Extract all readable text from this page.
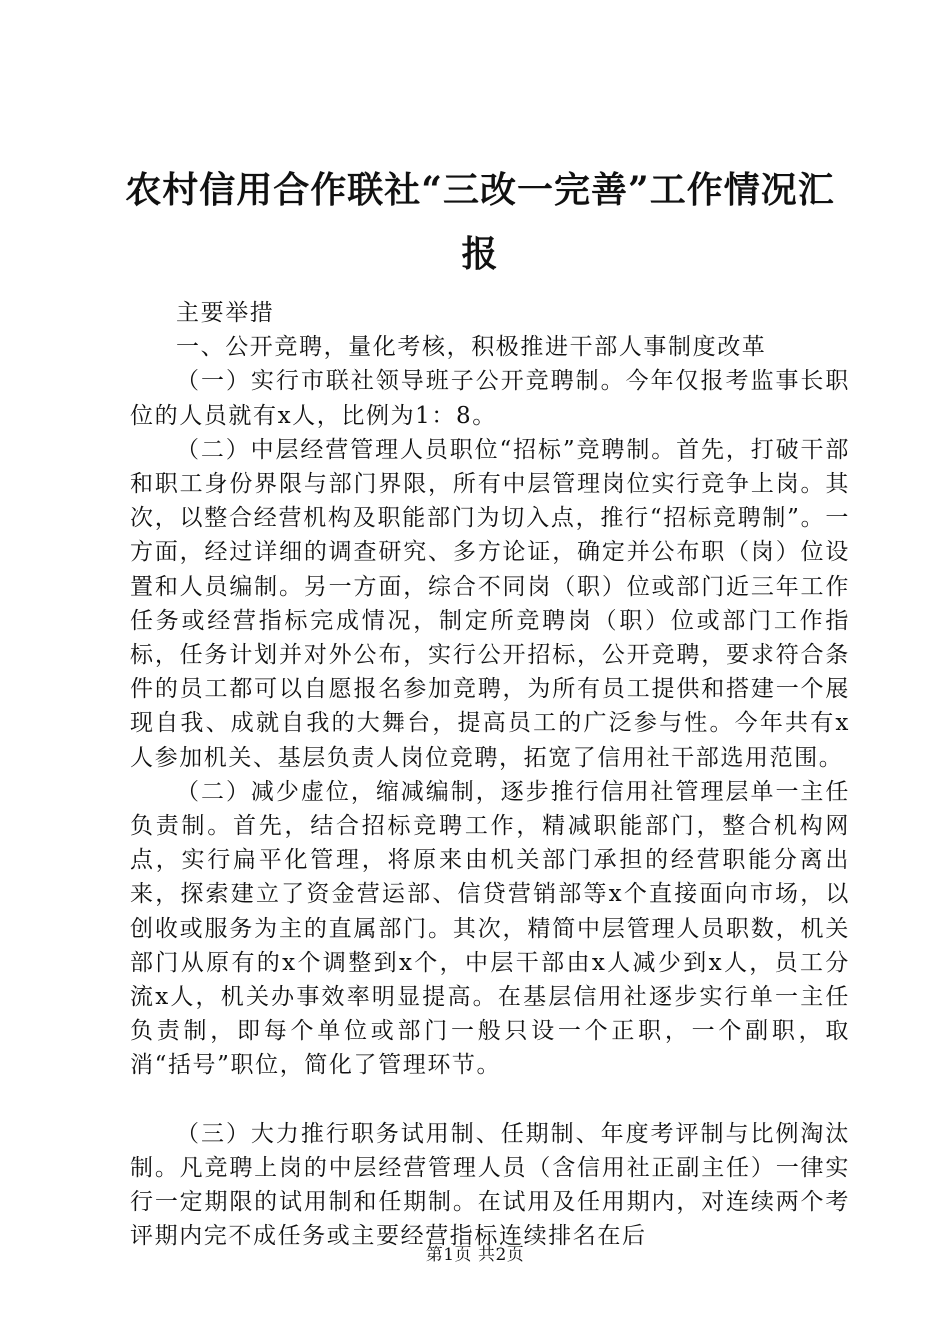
农村信用合作联社“三改一完善”工作情况汇报

主要举措

一、公开竞聘，量化考核，积极推进干部人事制度改革

（一）实行市联社领导班子公开竞聘制。今年仅报考监事长职位的人员就有x人，比例为1：8。

（二）中层经营管理人员职位“招标”竞聘制。首先，打破干部和职工身份界限与部门界限，所有中层管理岗位实行竞争上岗。其次，以整合经营机构及职能部门为切入点，推行“招标竞聘制”。一方面，经过详细的调查研究、多方论证，确定并公布职（岗）位设置和人员编制。另一方面，综合不同岗（职）位或部门近三年工作任务或经营指标完成情况，制定所竞聘岗（职）位或部门工作指标，任务计划并对外公布，实行公开招标，公开竞聘，要求符合条件的员工都可以自愿报名参加竞聘，为所有员工提供和搭建一个展现自我、成就自我的大舞台，提高员工的广泛参与性。今年共有x人参加机关、基层负责人岗位竞聘，拓宽了信用社干部选用范围。

（二）减少虚位，缩减编制，逐步推行信用社管理层单一主任负责制。首先，结合招标竞聘工作，精减职能部门，整合机构网点，实行扁平化管理，将原来由机关部门承担的经营职能分离出来，探索建立了资金营运部、信贷营销部等x个直接面向市场，以创收或服务为主的直属部门。其次，精简中层管理人员职数，机关部门从原有的x个调整到x个，中层干部由x人减少到x人，员工分流x人，机关办事效率明显提高。在基层信用社逐步实行单一主任负责制，即每个单位或部门一般只设一个正职，一个副职，取消“括号”职位，简化了管理环节。

（三）大力推行职务试用制、任期制、年度考评制与比例淘汰制。凡竞聘上岗的中层经营管理人员（含信用社正副主任）一律实行一定期限的试用制和任期制。在试用及任用期内，对连续两个考评期内完不成任务或主要经营指标连续排名在后

第1页 共2页
